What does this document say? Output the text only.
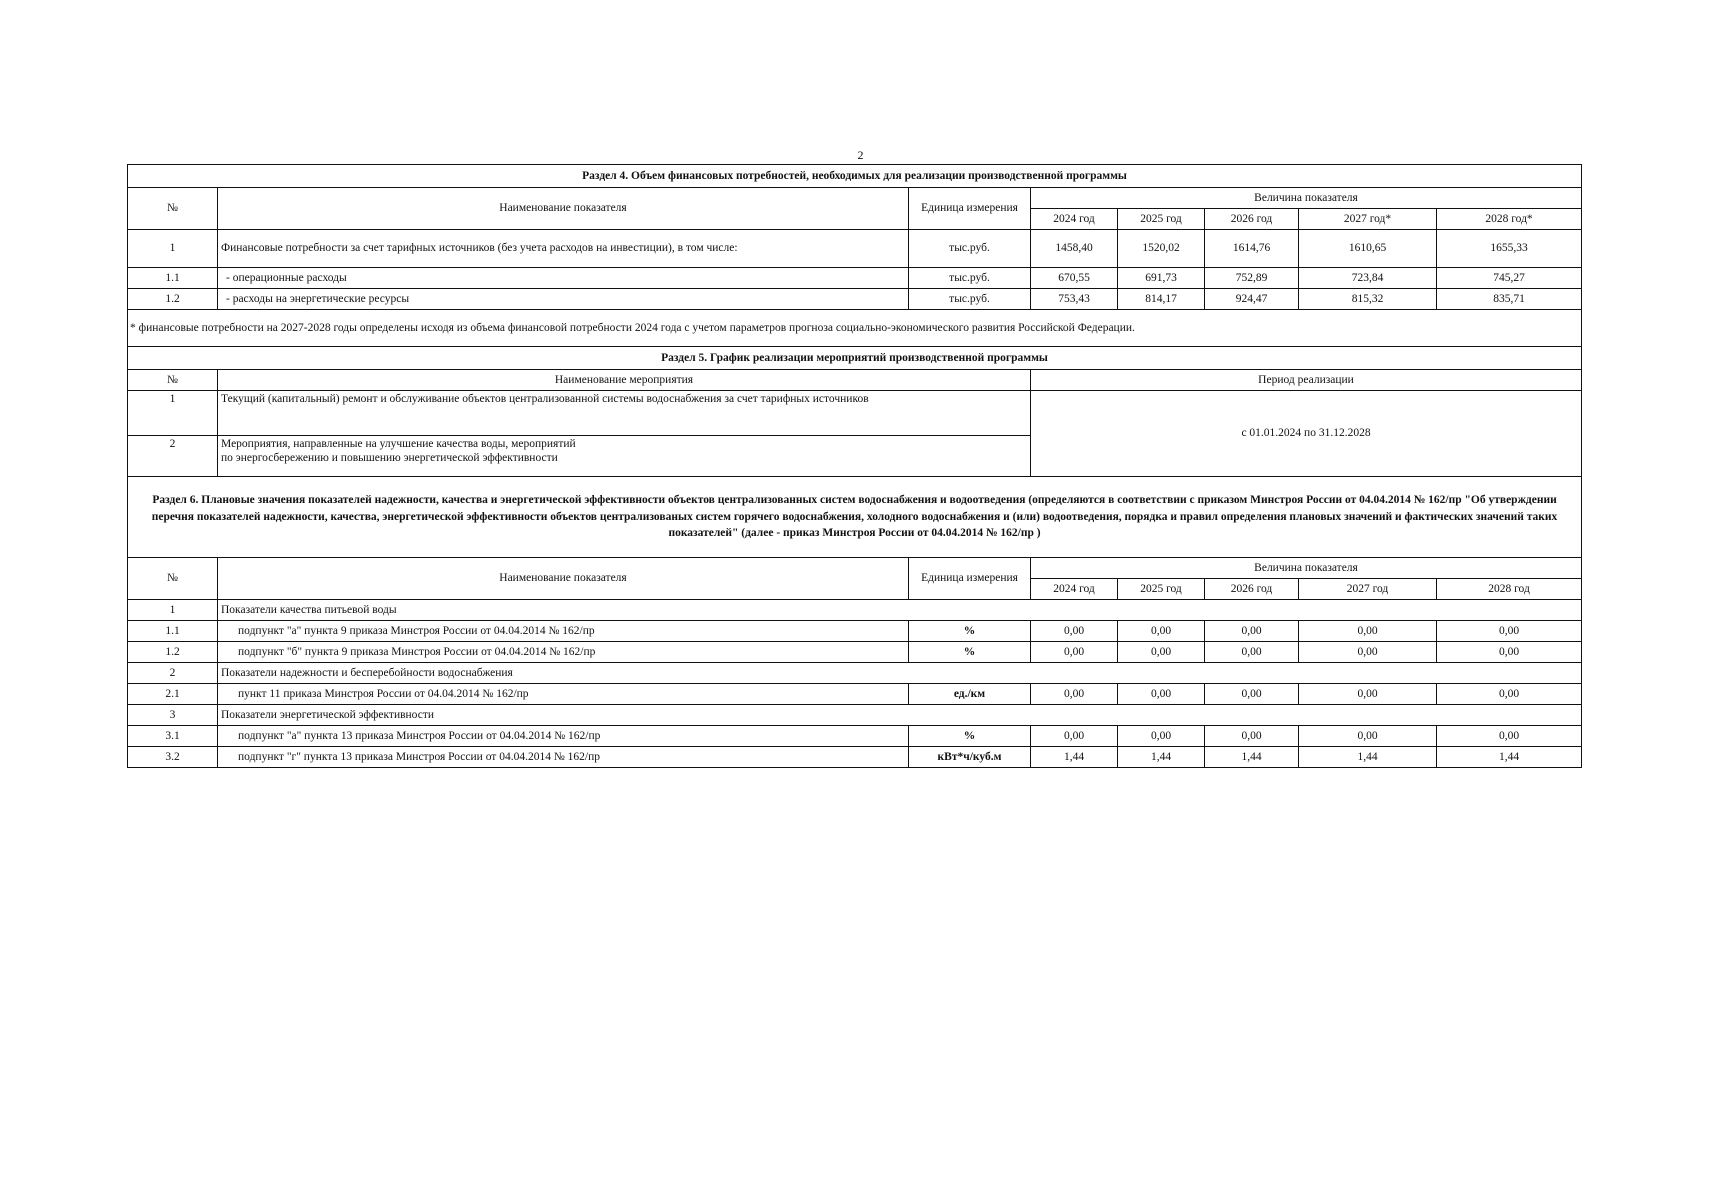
2
Раздел 4. Объем финансовых потребностей, необходимых для реализации производственной программы							
№	Наименование показателя	Единица измерения	Величина показателя				
			2024 год	2025 год	2026 год	2027 год*	2028 год*
1	Финансовые потребности за счет тарифных источников (без учета расходов на инвестиции), в том числе:	тыс.руб.	1458,40	1520,02	1614,76	1610,65	1655,33
1.1	- операционные расходы	тыс.руб.	670,55	691,73	752,89	723,84	745,27
1.2	- расходы на энергетические ресурсы	тыс.руб.	753,43	814,17	924,47	815,32	835,71
* финансовые потребности на 2027-2028 годы определены исходя из объема финансовой потребности 2024 года с учетом параметров прогноза социально-экономического развития Российской Федерации.							
Раздел 5. График реализации мероприятий производственной программы							
№	Наименование мероприятия		Период реализации				
1	Текущий (капитальный) ремонт и обслуживание объектов централизованной системы водоснабжения за счет тарифных источников		с 01.01.2024 по 31.12.2028				
2	Мероприятия, направленные на улучшение качества воды, мероприятий
по энергосбережению и повышению энергетической эффективности						
Раздел 6. Плановые значения показателей надежности, качества и энергетической эффективности объектов централизованных систем водоснабжения и водоотведения (определяются в соответствии с приказом Минстроя России от 04.04.2014 № 162/пр "Об утверждении перечня показателей надежности, качества, энергетической эффективности объектов централизованых систем горячего водоснабжения, холодного водоснабжения и (или) водоотведения, порядка и правил определения плановых значений и фактических значений таких показателей" (далее - приказ Минстроя России от 04.04.2014 № 162/пр )							
№	Наименование показателя	Единица измерения	Величина показателя				
			2024 год	2025 год	2026 год	2027 год	2028 год
1	Показатели качества питьевой воды						
1.1	подпункт "а" пункта 9 приказа Минстроя России от 04.04.2014 № 162/пр	%	0,00	0,00	0,00	0,00	0,00
1.2	подпункт "б" пункта 9 приказа Минстроя России от 04.04.2014 № 162/пр	%	0,00	0,00	0,00	0,00	0,00
2	Показатели надежности и бесперебойности водоснабжения						
2.1	пункт 11 приказа Минстроя России от 04.04.2014 № 162/пр	ед./км	0,00	0,00	0,00	0,00	0,00
3	Показатели энергетической эффективности						
3.1	подпункт "а" пункта 13 приказа Минстроя России от 04.04.2014 № 162/пр	%	0,00	0,00	0,00	0,00	0,00
3.2	подпункт "г" пункта 13 приказа Минстроя России от 04.04.2014 № 162/пр	кВт*ч/куб.м	1,44	1,44	1,44	1,44	1,44
